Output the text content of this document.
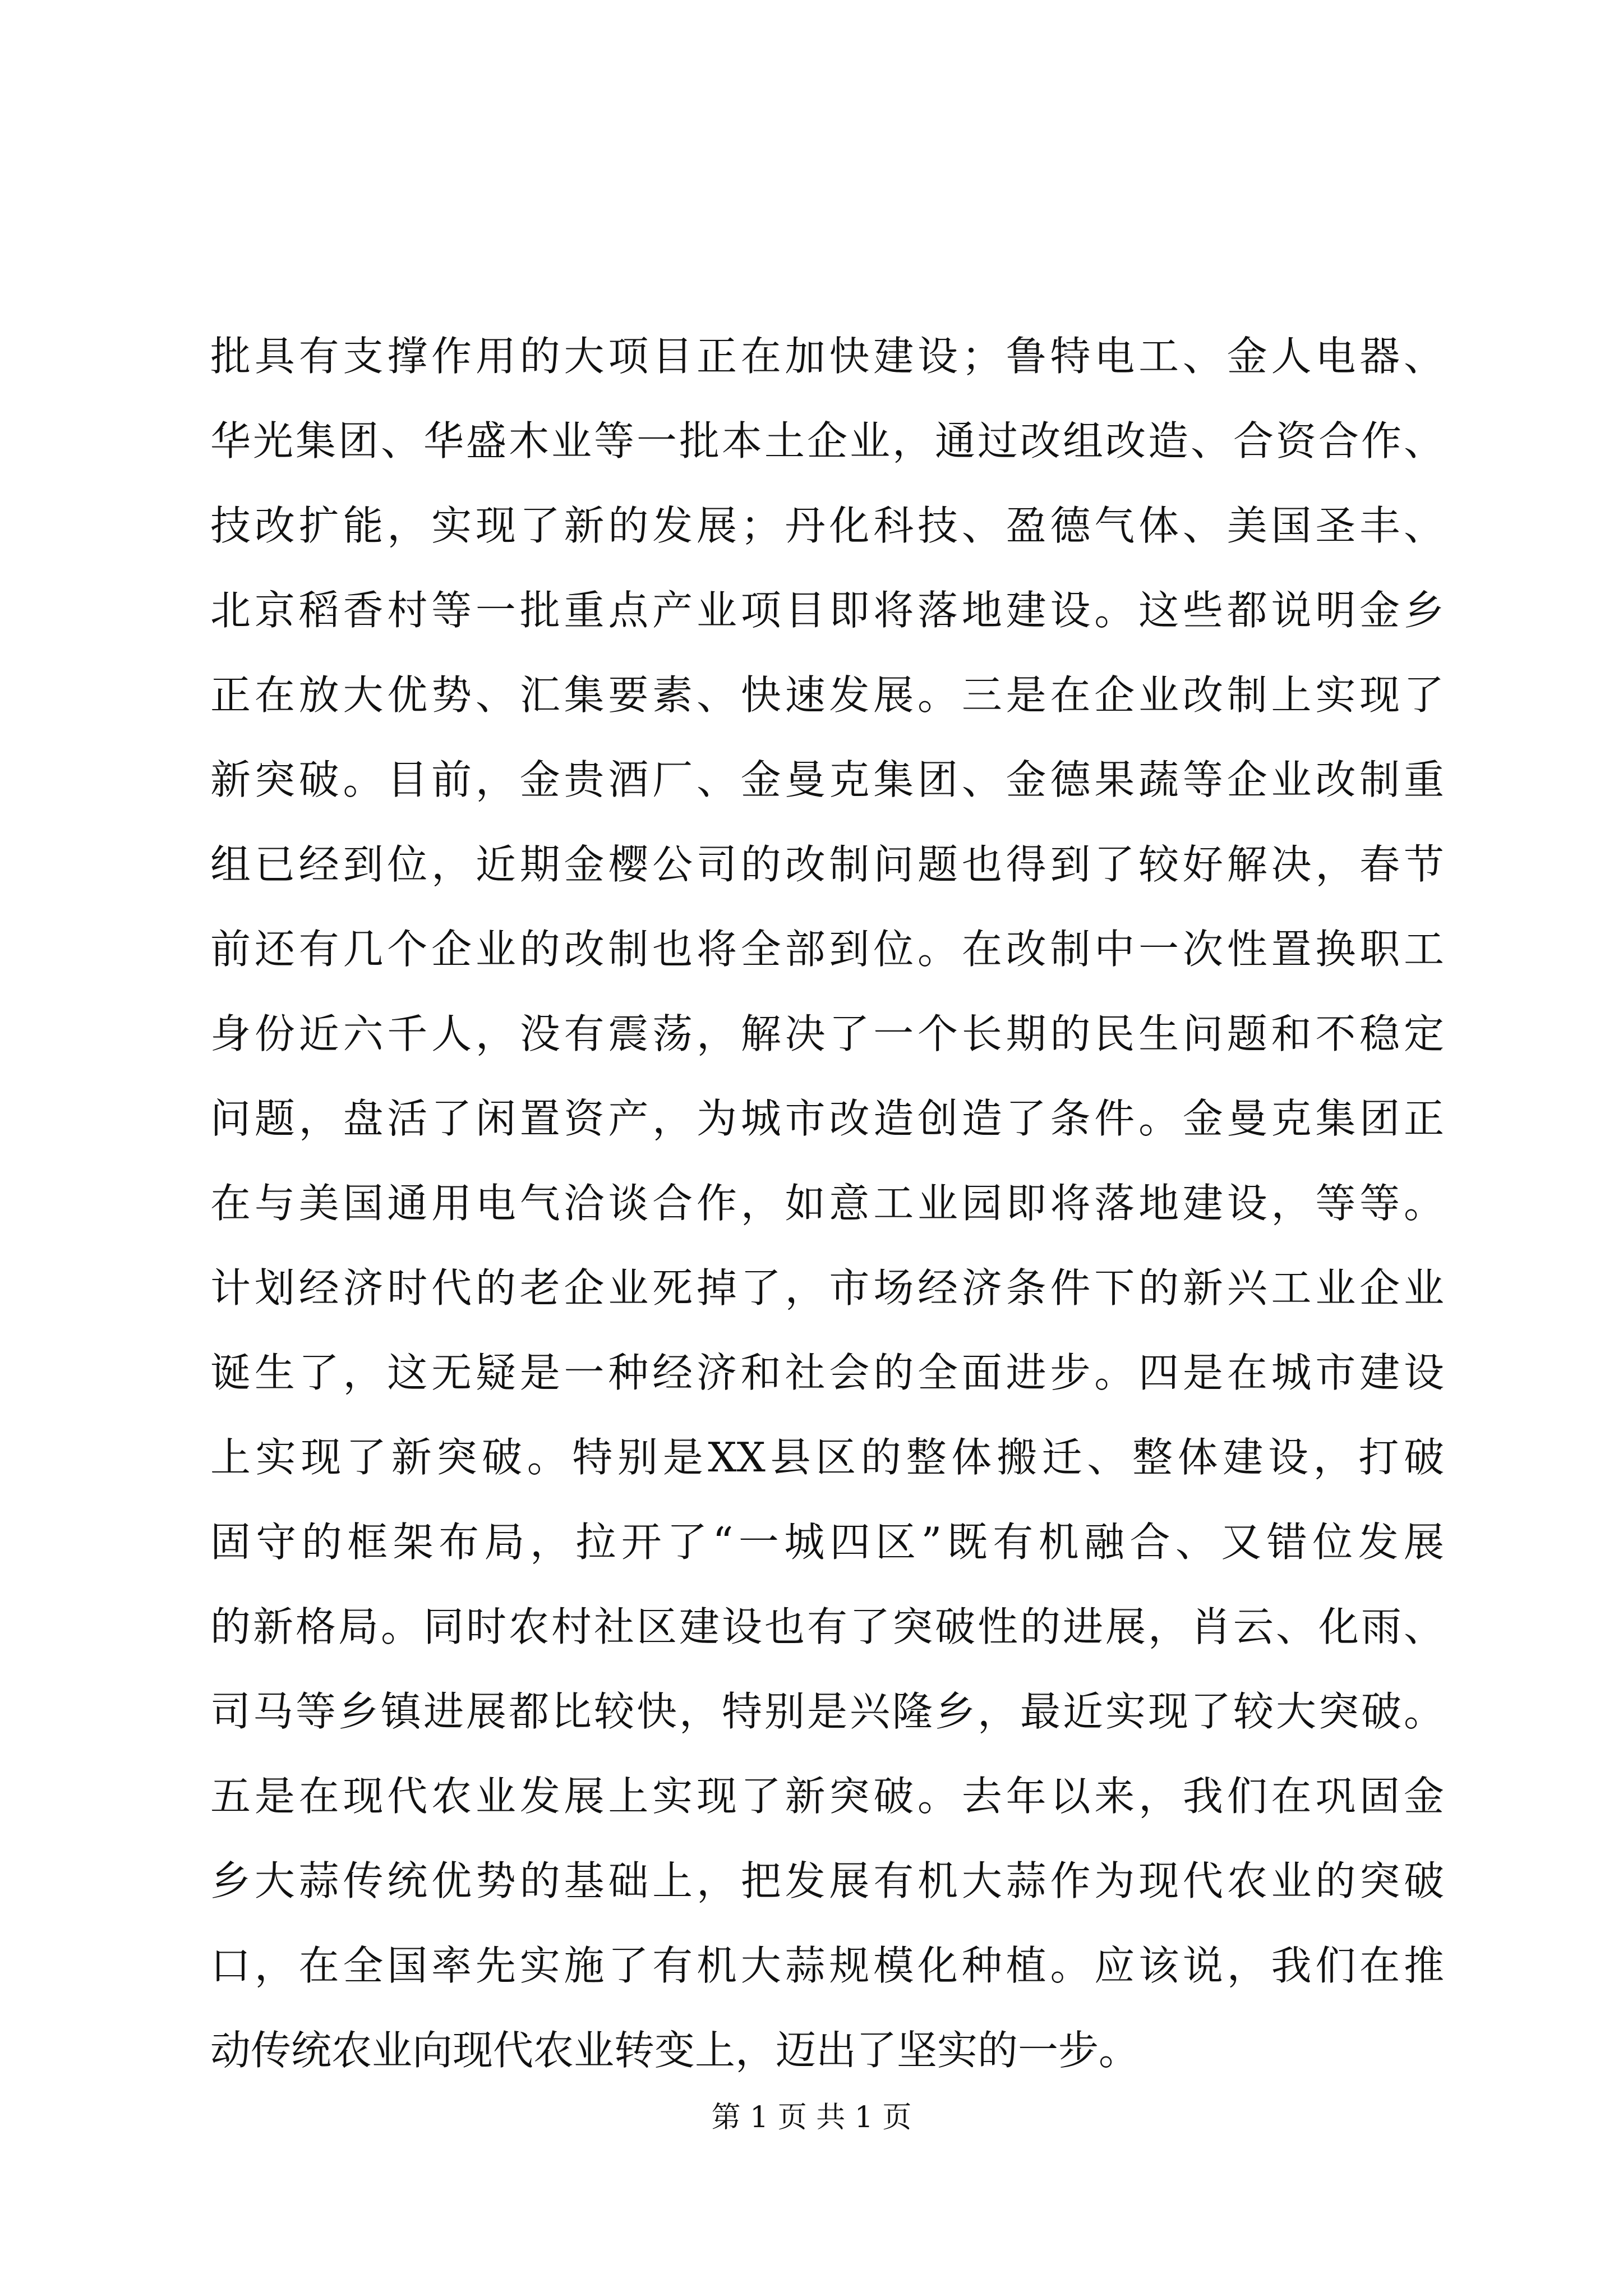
批具有支撑作用的大项目正在加快建设；鲁特电工、金人电器、
华光集团、华盛木业等一批本土企业，通过改组改造、合资合作、
技改扩能，实现了新的发展；丹化科技、盈德气体、美国圣丰、
北京稻香村等一批重点产业项目即将落地建设。这些都说明金乡
正在放大优势、汇集要素、快速发展。三是在企业改制上实现了
新突破。目前，金贵酒厂、金曼克集团、金德果蔬等企业改制重
组已经到位，近期金樱公司的改制问题也得到了较好解决，春节
前还有几个企业的改制也将全部到位。在改制中一次性置换职工
身份近六千人，没有震荡，解决了一个长期的民生问题和不稳定
问题，盘活了闲置资产，为城市改造创造了条件。金曼克集团正
在与美国通用电气洽谈合作，如意工业园即将落地建设，等等。
计划经济时代的老企业死掉了，市场经济条件下的新兴工业企业
诞生了，这无疑是一种经济和社会的全面进步。四是在城市建设
上实现了新突破。特别是XX县区的整体搬迁、整体建设，打破
固守的框架布局，拉开了“一城四区”既有机融合、又错位发展
的新格局。同时农村社区建设也有了突破性的进展，肖云、化雨、
司马等乡镇进展都比较快，特别是兴隆乡，最近实现了较大突破。
五是在现代农业发展上实现了新突破。去年以来，我们在巩固金
乡大蒜传统优势的基础上，把发展有机大蒜作为现代农业的突破
口，在全国率先实施了有机大蒜规模化种植。应该说，我们在推
动传统农业向现代农业转变上，迈出了坚实的一步。
第 1 页 共 1 页
